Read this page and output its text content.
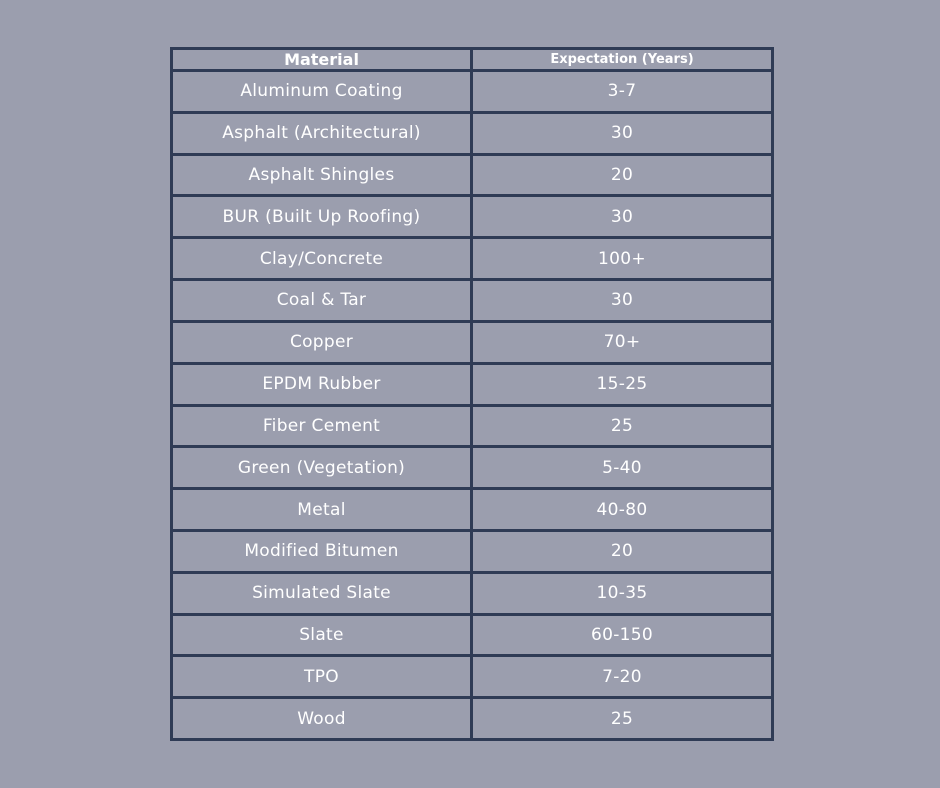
Material	Expectation (Years)
Aluminum Coating	3-7
Asphalt (Architectural)	30
Asphalt Shingles	20
BUR (Built Up Roofing)	30
Clay/Concrete	100+
Coal & Tar	30
Copper	70+
EPDM Rubber	15-25
Fiber Cement	25
Green (Vegetation)	5-40
Metal	40-80
Modified Bitumen	20
Simulated Slate	10-35
Slate	60-150
TPO	7-20
Wood	25
